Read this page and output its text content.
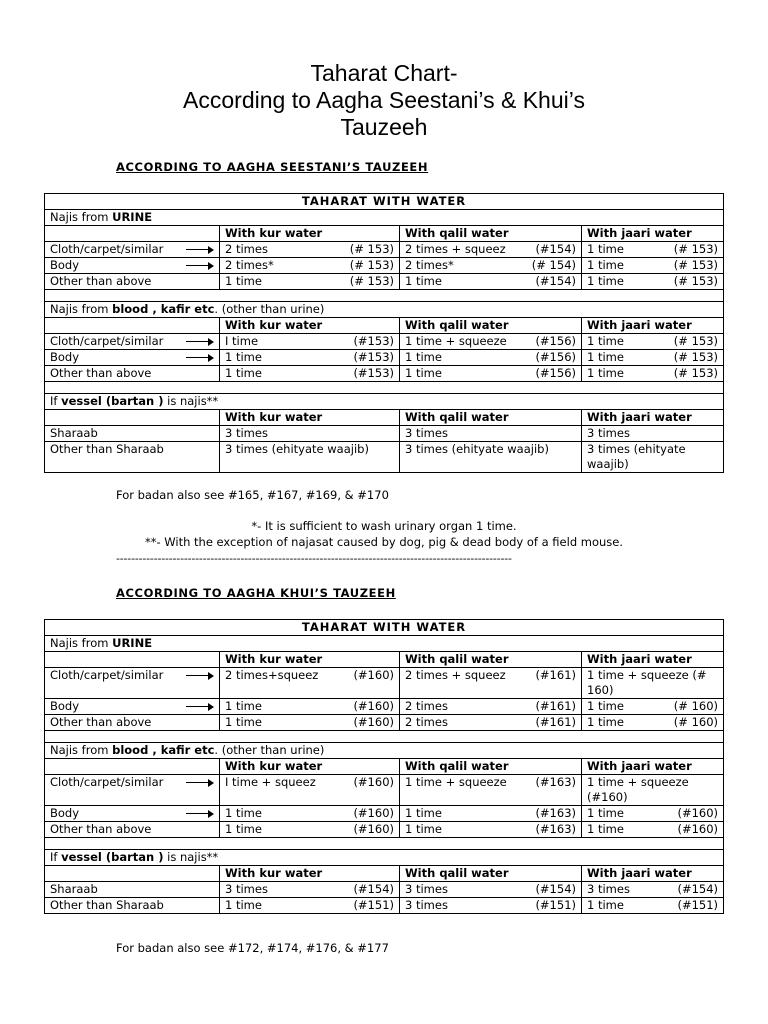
Taharat Chart-
According to Aagha Seestani’s & Khui’s
Tauzeeh
ACCORDING TO AAGHA SEESTANI’S TAUZEEH
TAHARAT WITH WATER			
Najis from URINE			
	With kur water	With qalil water	With jaari water

Cloth/carpet/similar	2 times (# 153)	2 times + squeez (#154)	1 time (# 153)

Body	2 times* (# 153)	2 times* (# 154)	1 time (# 153)

Other than above	1 time (# 153)	1 time (#154)	1 time (# 153)

Najis from blood , kafir etc. (other than urine)			
	With kur water	With qalil water	With jaari water

Cloth/carpet/similar	I time (#153)	1 time + squeeze (#156)	1 time (# 153)

Body	1 time (#153)	1 time (#156)	1 time (# 153)

Other than above	1 time (#153)	1 time (#156)	1 time (# 153)

If vessel (bartan ) is najis**			
	With kur water	With qalil water	With jaari water

Sharaab	3 times	3 times	3 times

Other than Sharaab	3 times (ehityate waajib)	3 times (ehityate waajib)	3 times (ehityate waajib)
For badan also see #165, #167, #169, & #170
*- It is sufficient to wash urinary organ 1 time.
**- With the exception of najasat caused by dog, pig & dead body of a field mouse.
---------------------------------------------------------------------------------------------------------
ACCORDING TO AAGHA KHUI’S TAUZEEH
TAHARAT WITH WATER			
Najis from URINE			
	With kur water	With qalil water	With jaari water

Cloth/carpet/similar	2 times+squeez (#160)	2 times + squeez (#161)	1 time + squeeze (# 160)

Body	1 time (#160)	2 times (#161)	1 time (# 160)

Other than above	1 time (#160)	2 times (#161)	1 time (# 160)

Najis from blood , kafir etc. (other than urine)			
	With kur water	With qalil water	With jaari water

Cloth/carpet/similar	I time + squeez (#160)	1 time + squeeze (#163)	1 time + squeeze (#160)

Body	1 time (#160)	1 time (#163)	1 time (#160)

Other than above	1 time (#160)	1 time (#163)	1 time (#160)

If vessel (bartan ) is najis**			
	With kur water	With qalil water	With jaari water

Sharaab	3 times (#154)	3 times (#154)	3 times (#154)

Other than Sharaab	1 time (#151)	3 times (#151)	1 time (#151)
For badan also see #172, #174, #176, & #177
